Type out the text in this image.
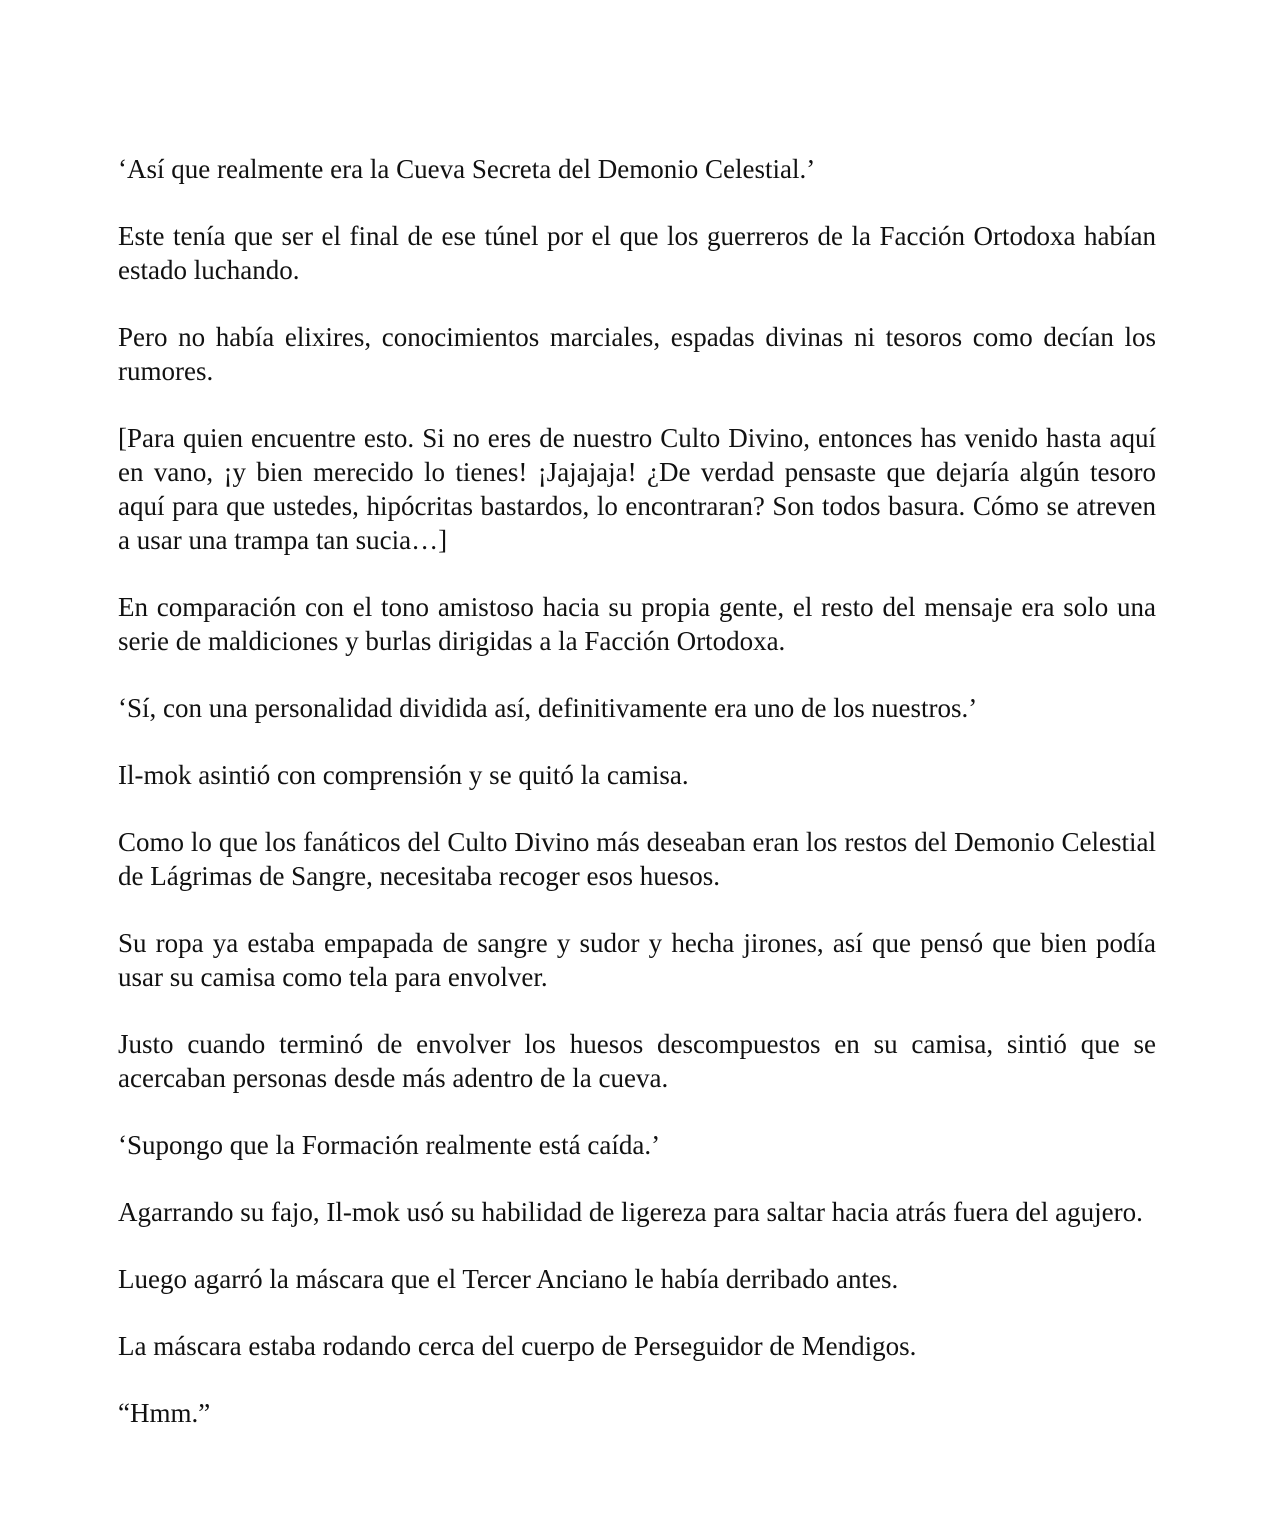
‘Así que realmente era la Cueva Secreta del Demonio Celestial.’

Este tenía que ser el final de ese túnel por el que los guerreros de la Facción Ortodoxa habían estado luchando.

Pero no había elixires, conocimientos marciales, espadas divinas ni tesoros como decían los rumores.

[Para quien encuentre esto. Si no eres de nuestro Culto Divino, entonces has venido hasta aquí en vano, ¡y bien merecido lo tienes! ¡Jajajaja! ¿De verdad pensaste que dejaría algún tesoro aquí para que ustedes, hipócritas bastardos, lo encontraran? Son todos basura. Cómo se atreven a usar una trampa tan sucia…]

En comparación con el tono amistoso hacia su propia gente, el resto del mensaje era solo una serie de maldiciones y burlas dirigidas a la Facción Ortodoxa.

‘Sí, con una personalidad dividida así, definitivamente era uno de los nuestros.’

Il-mok asintió con comprensión y se quitó la camisa.

Como lo que los fanáticos del Culto Divino más deseaban eran los restos del Demonio Celestial de Lágrimas de Sangre, necesitaba recoger esos huesos.

Su ropa ya estaba empapada de sangre y sudor y hecha jirones, así que pensó que bien podía usar su camisa como tela para envolver.

Justo cuando terminó de envolver los huesos descompuestos en su camisa, sintió que se acercaban personas desde más adentro de la cueva.

‘Supongo que la Formación realmente está caída.’

Agarrando su fajo, Il-mok usó su habilidad de ligereza para saltar hacia atrás fuera del agujero.

Luego agarró la máscara que el Tercer Anciano le había derribado antes.

La máscara estaba rodando cerca del cuerpo de Perseguidor de Mendigos.

“Hmm.”
